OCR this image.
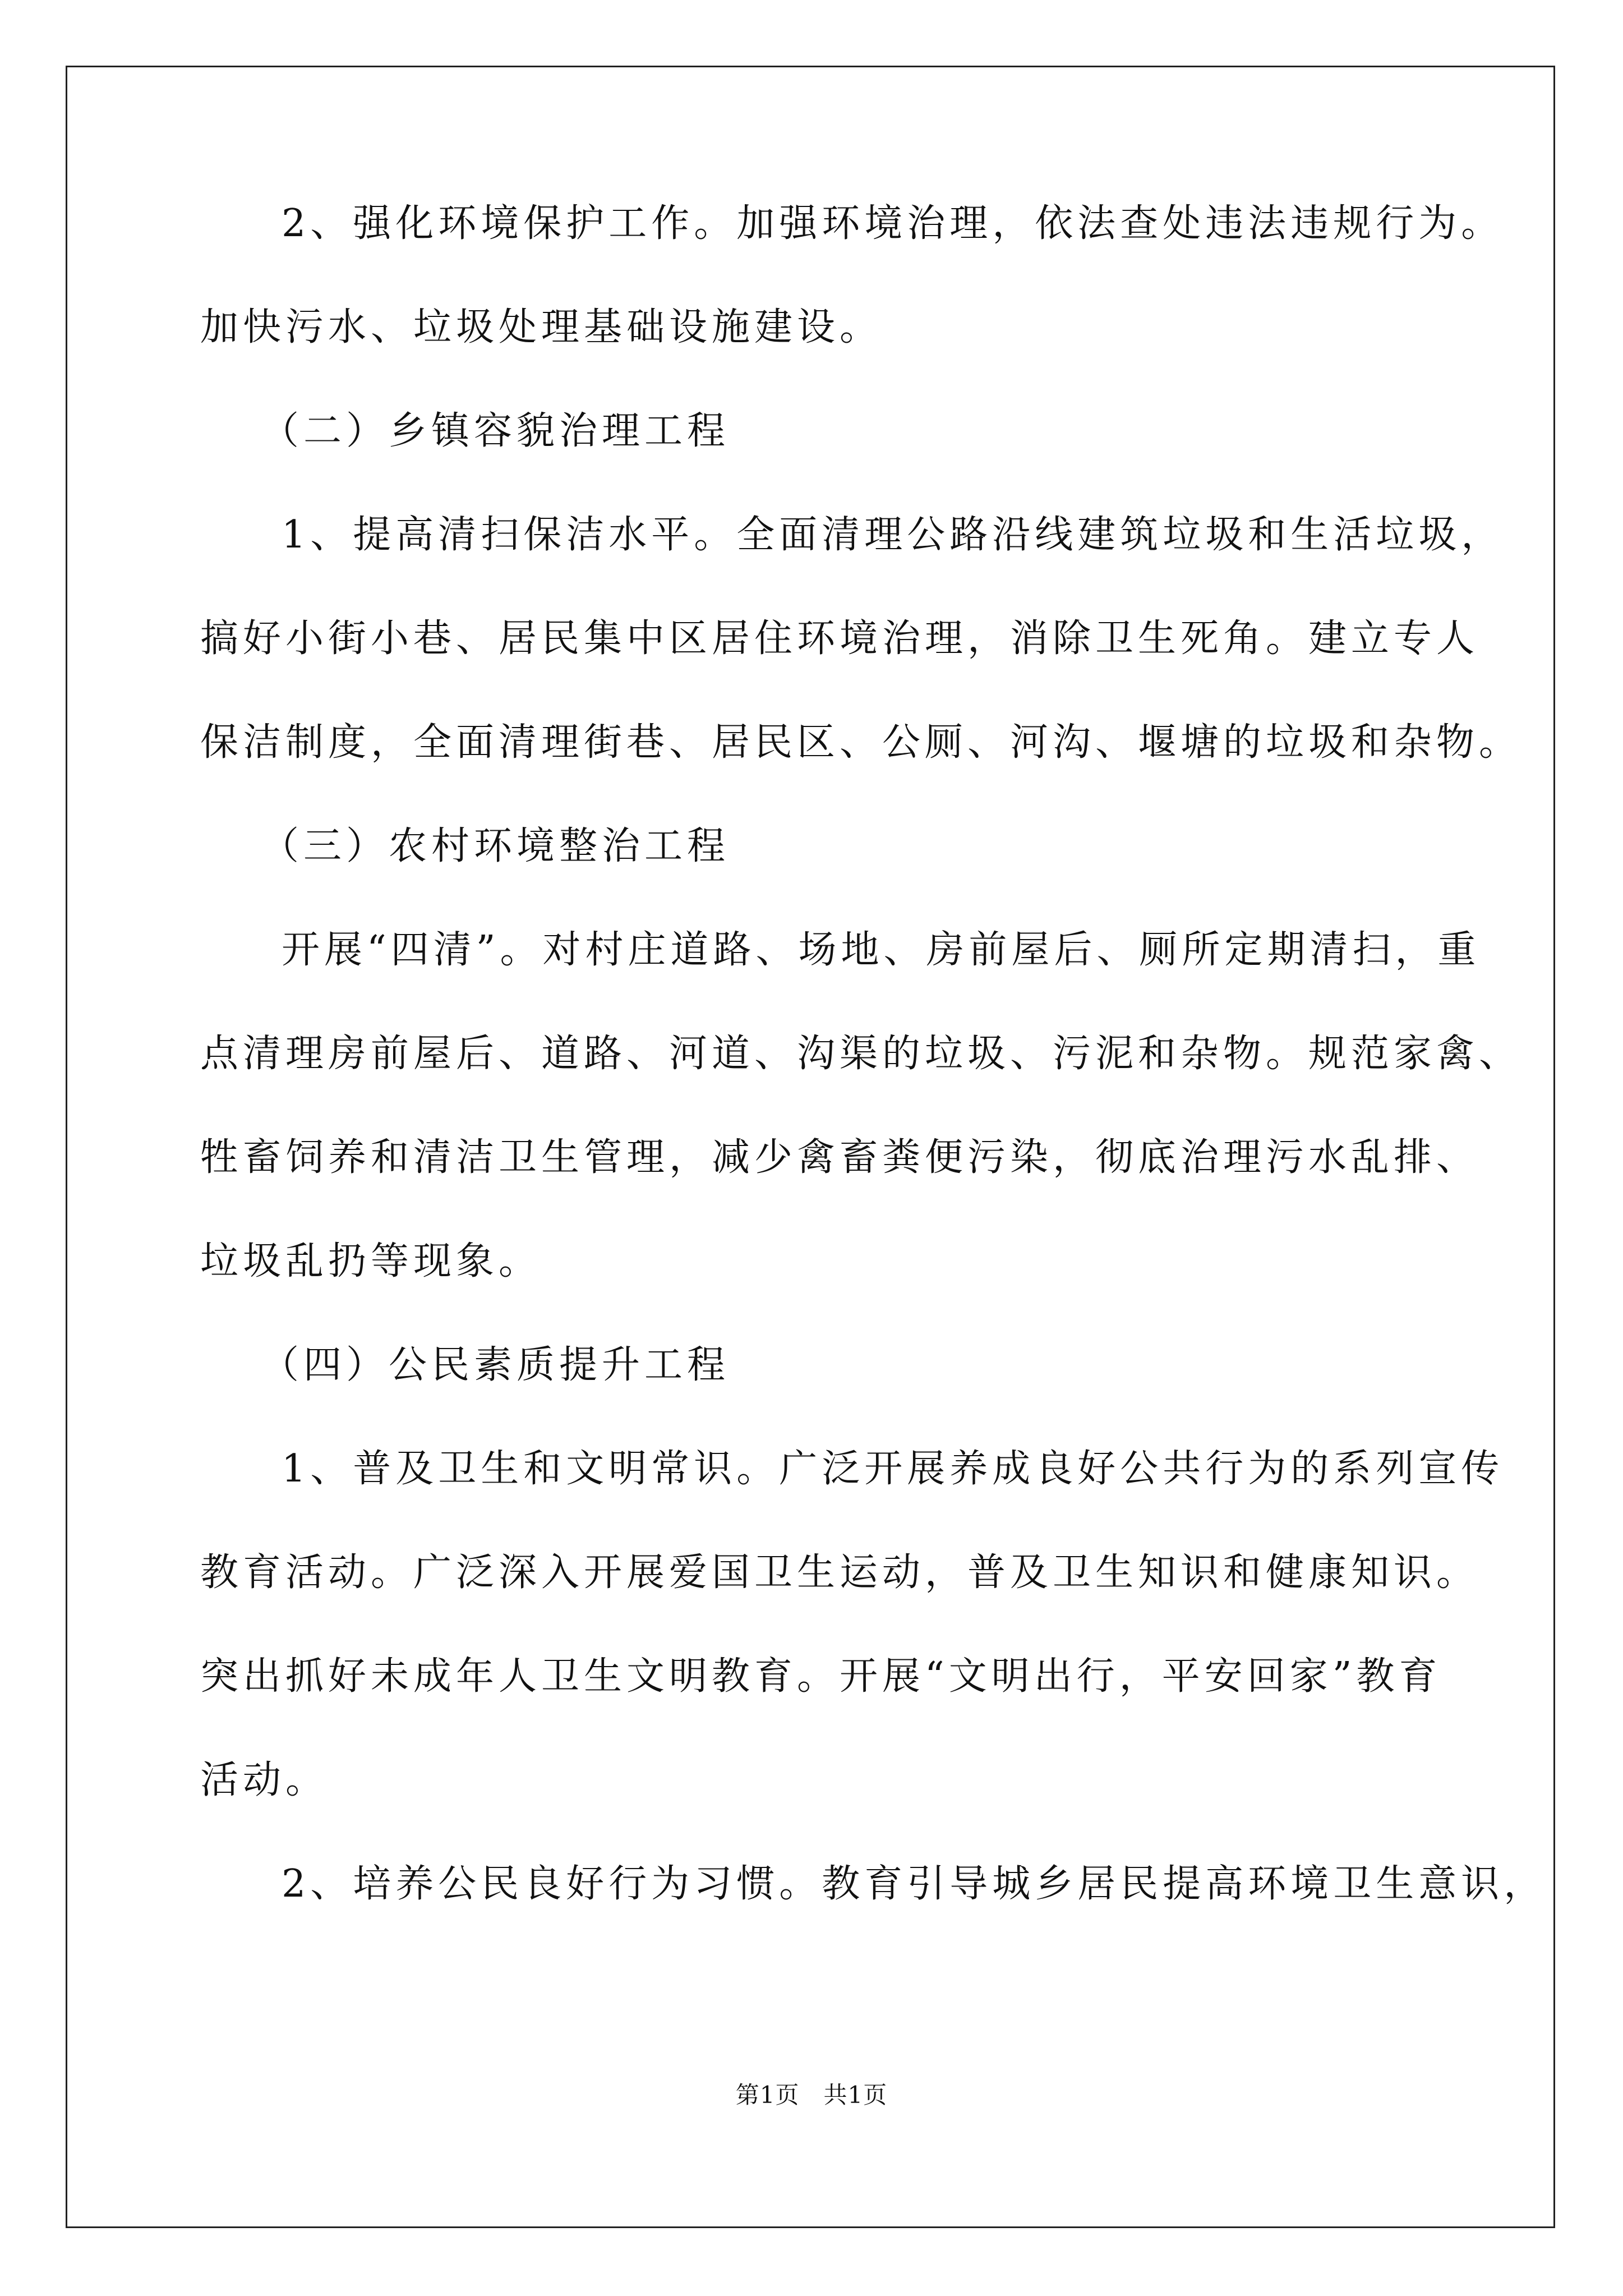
2、强化环境保护工作。加强环境治理，依法查处违法违规行为。
加快污水、垃圾处理基础设施建设。
（二）乡镇容貌治理工程
1、提高清扫保洁水平。全面清理公路沿线建筑垃圾和生活垃圾，
搞好小街小巷、居民集中区居住环境治理，消除卫生死角。建立专人
保洁制度，全面清理街巷、居民区、公厕、河沟、堰塘的垃圾和杂物。
（三）农村环境整治工程
开展“四清”。对村庄道路、场地、房前屋后、厕所定期清扫，重
点清理房前屋后、道路、河道、沟渠的垃圾、污泥和杂物。规范家禽、
牲畜饲养和清洁卫生管理，减少禽畜粪便污染，彻底治理污水乱排、
垃圾乱扔等现象。
（四）公民素质提升工程
1、普及卫生和文明常识。广泛开展养成良好公共行为的系列宣传
教育活动。广泛深入开展爱国卫生运动，普及卫生知识和健康知识。
突出抓好未成年人卫生文明教育。开展“文明出行，平安回家”教育
活动。
2、培养公民良好行为习惯。教育引导城乡居民提高环境卫生意识，
第1页   共1页
